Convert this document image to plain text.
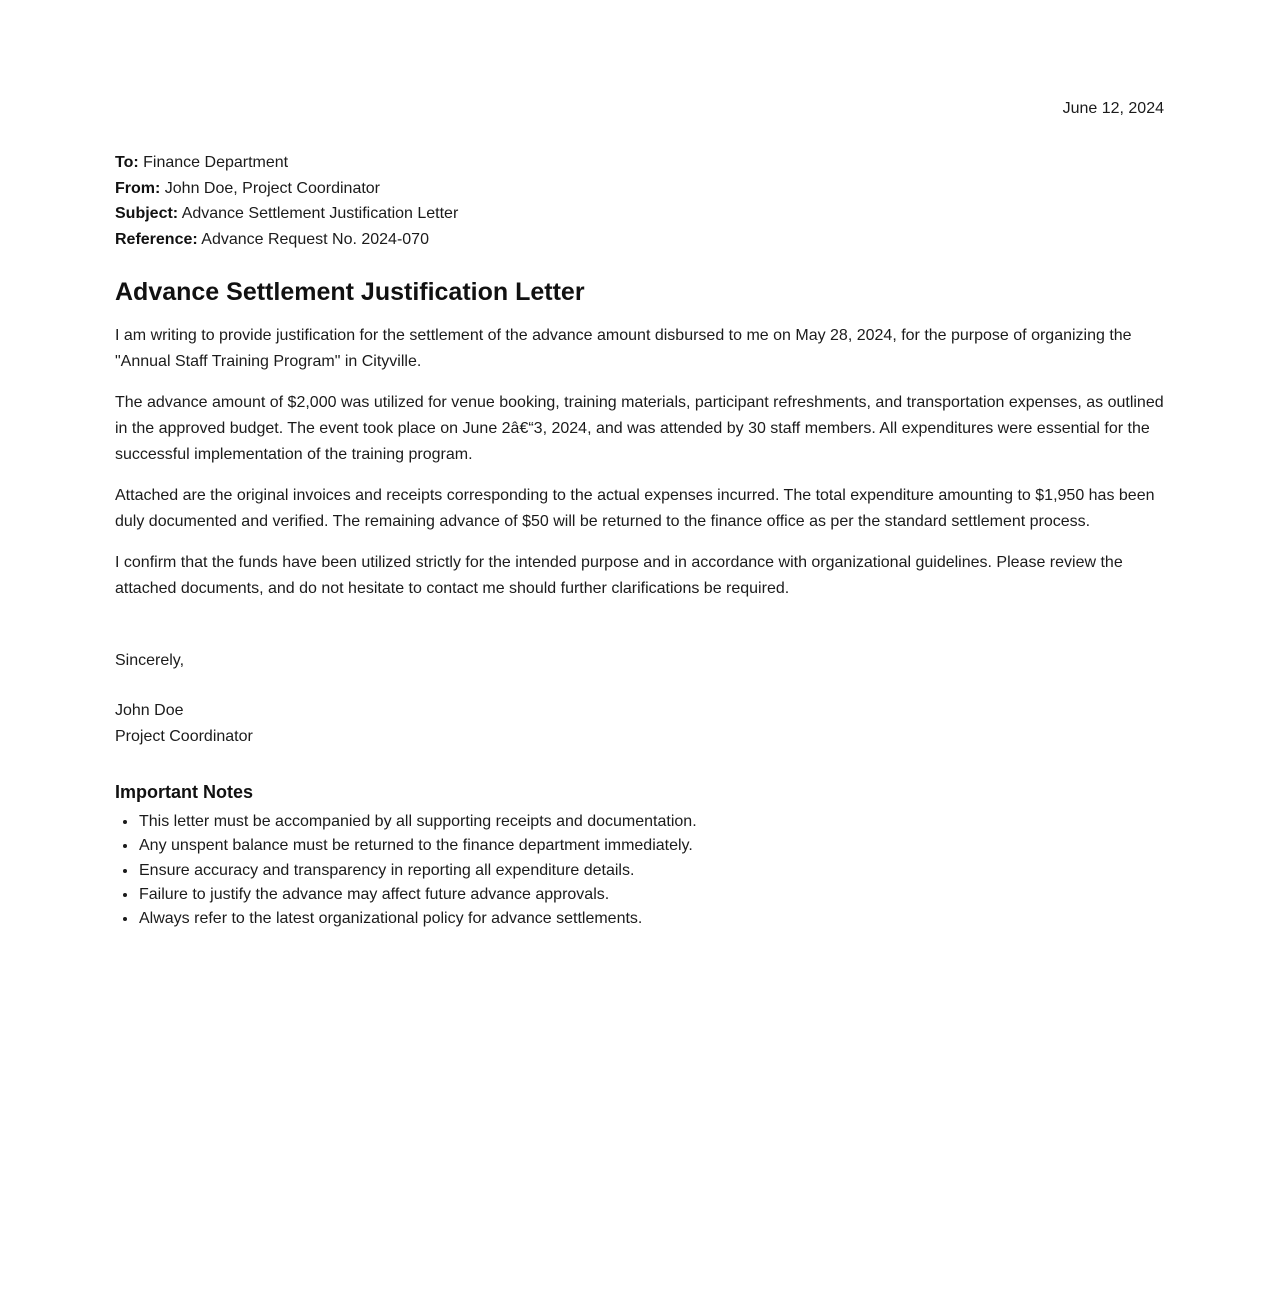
June 12, 2024

To: Finance Department

From: John Doe, Project Coordinator

Subject: Advance Settlement Justification Letter

Reference: Advance Request No. 2024-070

Advance Settlement Justification Letter

I am writing to provide justification for the settlement of the advance amount disbursed to me on May 28, 2024, for the purpose of organizing the "Annual Staff Training Program" in Cityville.

The advance amount of $2,000 was utilized for venue booking, training materials, participant refreshments, and transportation expenses, as outlined in the approved budget. The event took place on June 2â€“3, 2024, and was attended by 30 staff members. All expenditures were essential for the successful implementation of the training program.

Attached are the original invoices and receipts corresponding to the actual expenses incurred. The total expenditure amounting to $1,950 has been duly documented and verified. The remaining advance of $50 will be returned to the finance office as per the standard settlement process.

I confirm that the funds have been utilized strictly for the intended purpose and in accordance with organizational guidelines. Please review the attached documents, and do not hesitate to contact me should further clarifications be required.

Sincerely,

John Doe
Project Coordinator

Important Notes
• This letter must be accompanied by all supporting receipts and documentation.
• Any unspent balance must be returned to the finance department immediately.
• Ensure accuracy and transparency in reporting all expenditure details.
• Failure to justify the advance may affect future advance approvals.
• Always refer to the latest organizational policy for advance settlements.
